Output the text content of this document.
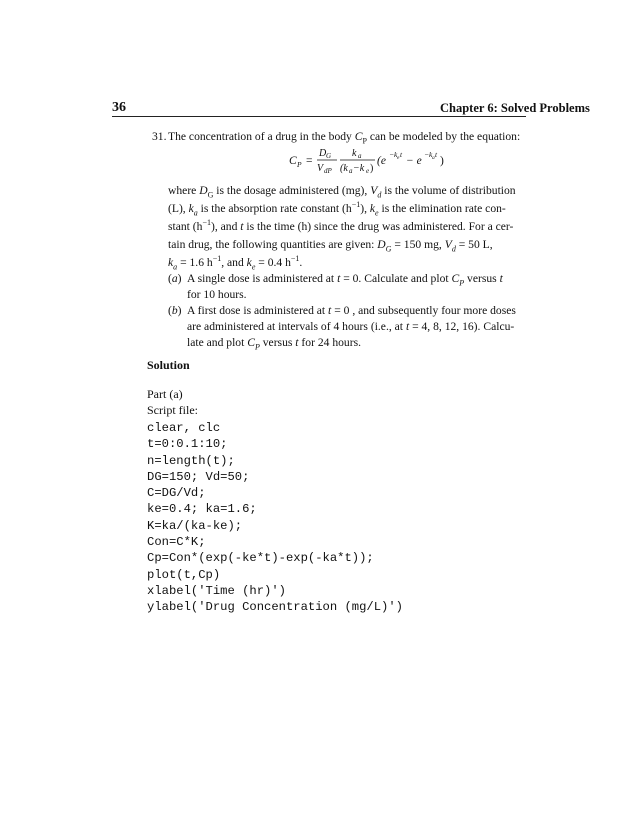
36	Chapter 6: Solved Problems
31. The concentration of a drug in the body $C_P$ can be modeled by the equation:
C P =
D G
V dP
k a
(k a −k e )
(e
−k e t
− e
−k a t
)
where $D_G$ is the dosage administered (mg), $V_d$ is the volume of distribution
(L), $k_a$ is the absorption rate constant $(h^{-1})$, $k_e$ is the elimination rate con-
stant $(h^{-1})$, and t is the time (h) since the drug was administered. For a cer-
tain drug, the following quantities are given: $D_G = 150$ mg, $V_d = 50$ L,
$k_a = 1.6$ $h^{-1}$, and $k_e = 0.4$ $h^{-1}$.
(a) A single dose is administered at t = 0. Calculate and plot $C_P$ versus t
for 10 hours.
(b) A first dose is administered at t = 0 , and subsequently four more doses
are administered at intervals of 4 hours (i.e., at t = 4, 8, 12, 16). Calcu-
late and plot $C_P$ versus t for 24 hours.
Solution
Part (a)
Script file:
clear, clc
t=0:0.1:10;
n=length(t);
DG=150; Vd=50;
C=DG/Vd;
ke=0.4; ka=1.6;
K=ka/(ka-ke);
Con=C*K;
Cp=Con*(exp(-ke*t)-exp(-ka*t));
plot(t,Cp)
xlabel('Time (hr)')
ylabel('Drug Concentration (mg/L)')
